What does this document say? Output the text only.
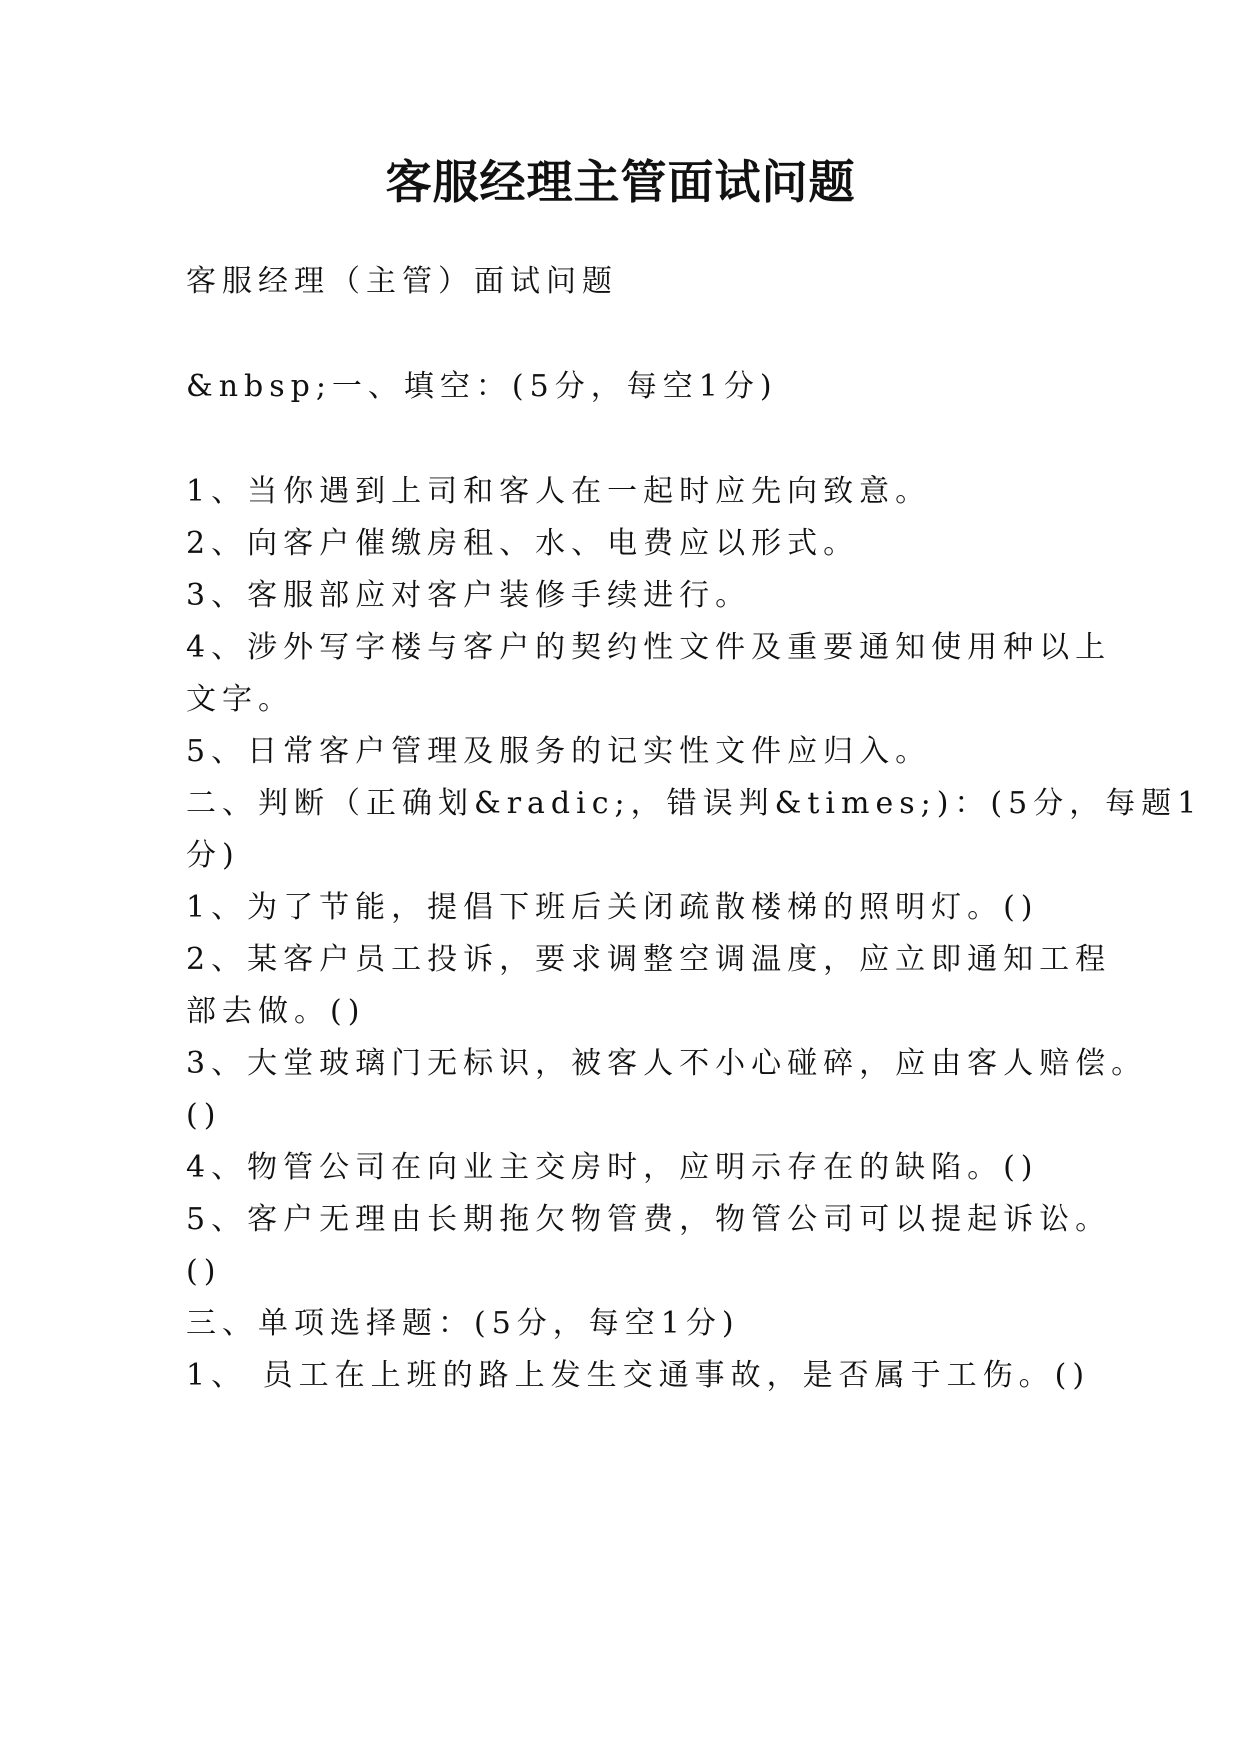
客服经理主管面试问题
客服经理（主管）面试问题
&nbsp;一、填空：(5分，每空1分)
1、当你遇到上司和客人在一起时应先向致意。
2、向客户催缴房租、水、电费应以形式。
3、客服部应对客户装修手续进行。
4、涉外写字楼与客户的契约性文件及重要通知使用种以上
文字。
5、日常客户管理及服务的记实性文件应归入。
二、判断（正确划&radic;，错误判&times;)：(5分，每题1
分)
1、为了节能，提倡下班后关闭疏散楼梯的照明灯。()
2、某客户员工投诉，要求调整空调温度，应立即通知工程
部去做。()
3、大堂玻璃门无标识，被客人不小心碰碎，应由客人赔偿。
()
4、物管公司在向业主交房时，应明示存在的缺陷。()
5、客户无理由长期拖欠物管费，物管公司可以提起诉讼。
()
三、单项选择题：(5分，每空1分)
1、 员工在上班的路上发生交通事故，是否属于工伤。()
